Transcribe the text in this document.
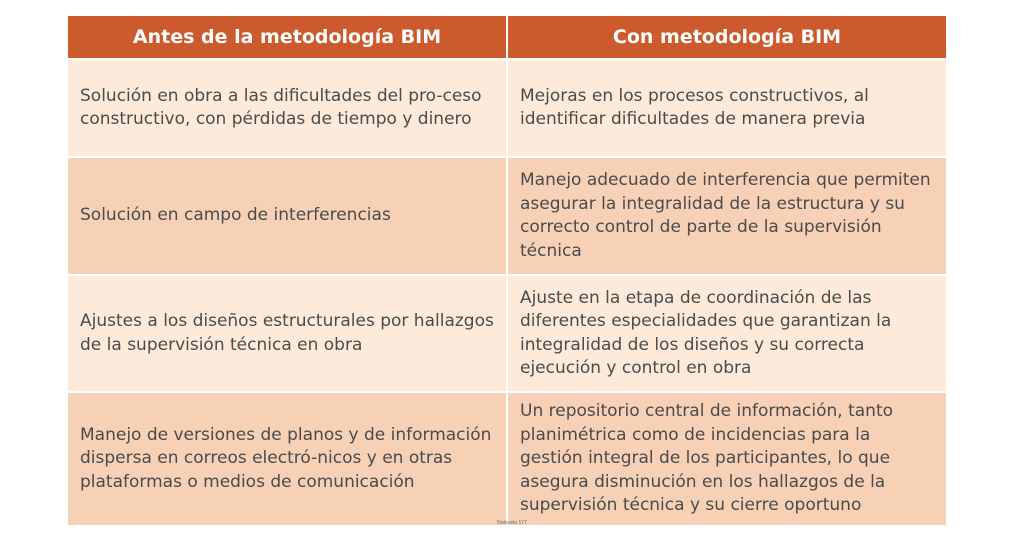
Antes de la metodología BIM	Con metodología BIM
Solución en obra a las dificultades del pro-ceso constructivo, con pérdidas de tiempo y dinero	Mejoras en los procesos constructivos, al identificar dificultades de manera previa
Solución en campo de interferencias	Manejo adecuado de interferencia que permiten asegurar la integralidad de la estructura y su correcto control de parte de la supervisión técnica
Ajustes a los diseños estructurales por hallazgos de la supervisión técnica en obra	Ajuste en la etapa de coordinación de las diferentes especialidades que garantizan la integralidad de los diseños y su correcta ejecución y control en obra
Manejo de versiones de planos y de información dispersa en correos electró-nicos y en otras plataformas o medios de comunicación	Un repositorio central de información, tanto planimétrica como de incidencias para la gestión integral de los participantes, lo que asegura disminución en los hallazgos de la supervisión técnica y su cierre oportuno
Noticreto 177
